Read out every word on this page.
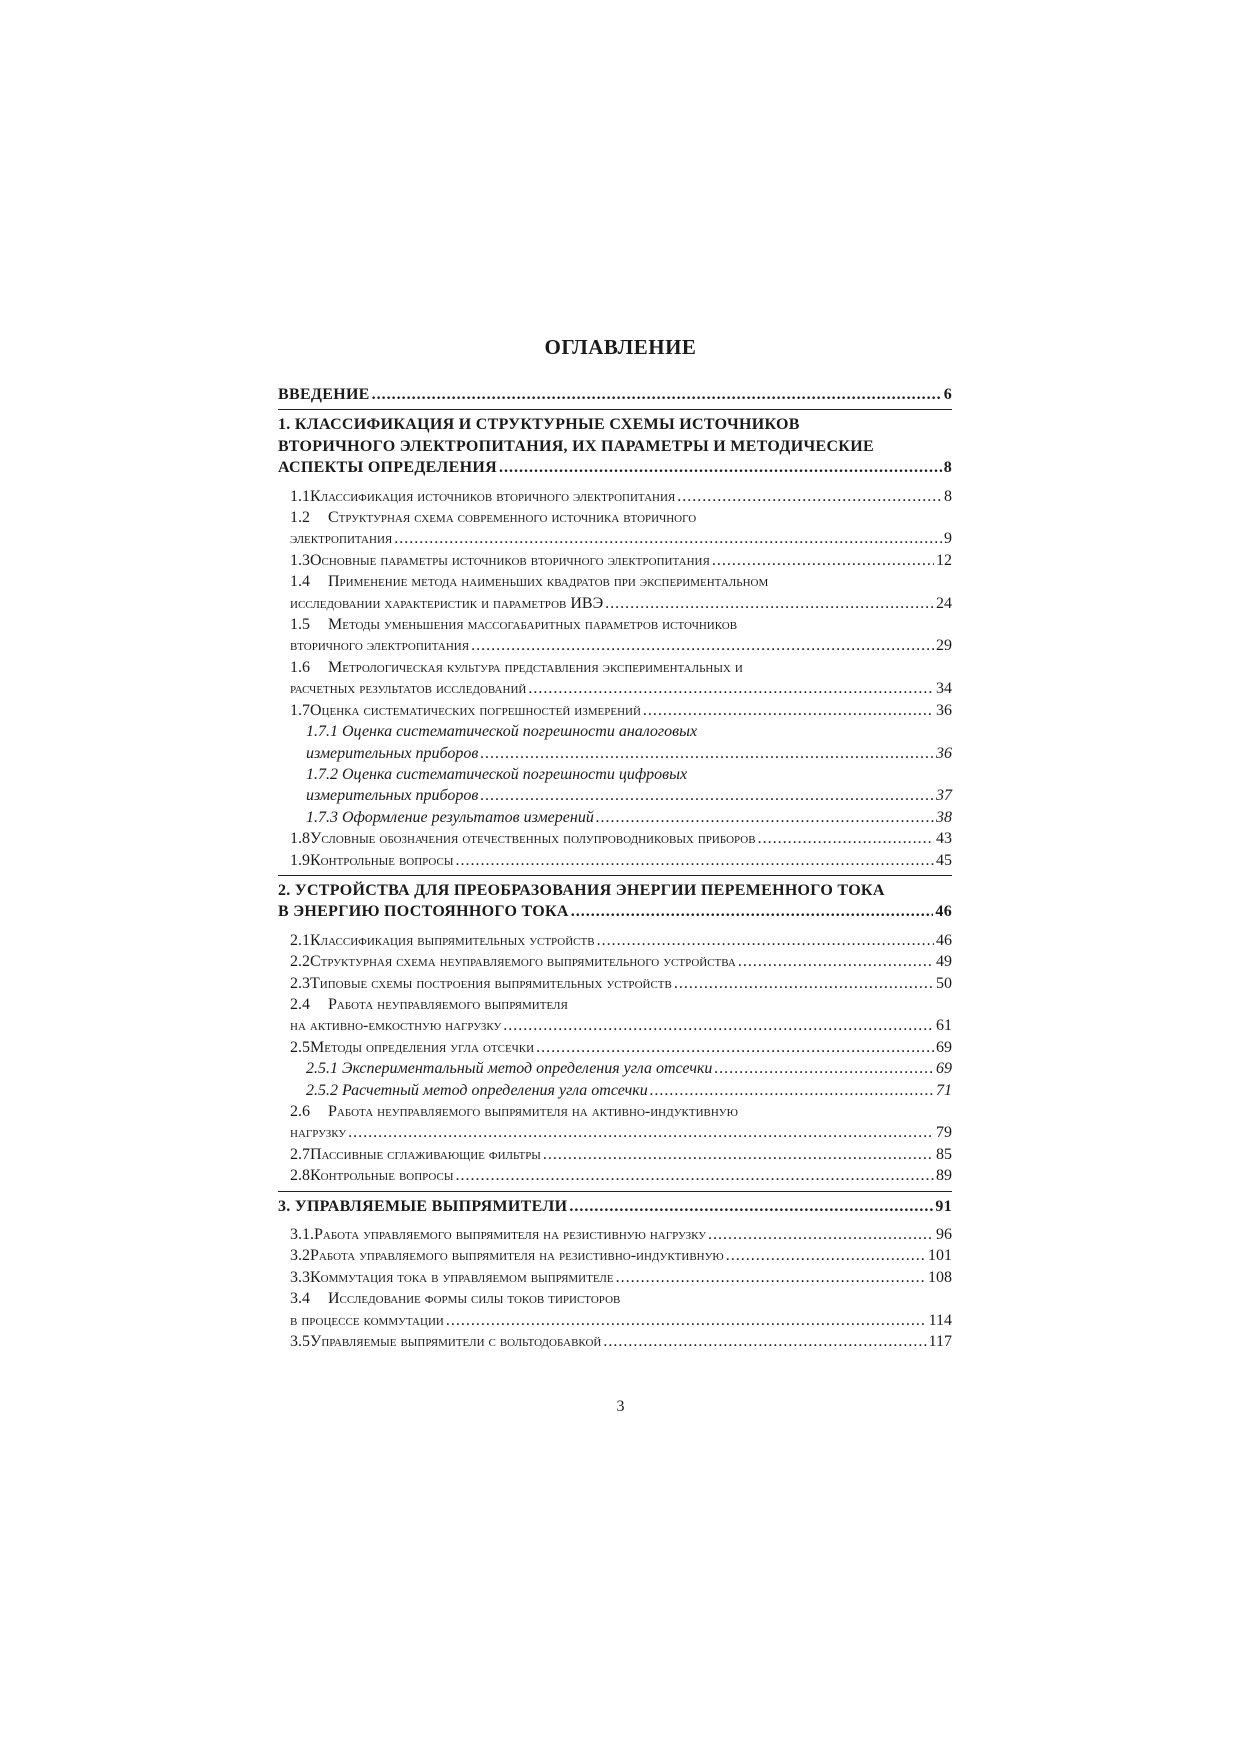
ОГЛАВЛЕНИЕ
ВВЕДЕНИЕ .....	6
1. КЛАССИФИКАЦИЯ И СТРУКТУРНЫЕ СХЕМЫ ИСТОЧНИКОВ
ВТОРИЧНОГО ЭЛЕКТРОПИТАНИЯ, ИХ ПАРАМЕТРЫ И МЕТОДИЧЕСКИЕ
АСПЕКТЫ ОПРЕДЕЛЕНИЯ .....	8
1.1 Классификация источников вторичного электропитания .....	8
1.2	Структурная схема современного источника вторичного
электропитания .....	9
1.3 Основные параметры источников вторичного электропитания .....	12
1.4	Применение метода наименьших квадратов при экспериментальном
исследовании характеристик и параметров ИВЭ .....	24
1.5	Методы уменьшения массогабаритных параметров источников
вторичного электропитания .....	29
1.6	Метрологическая культура представления экспериментальных и
расчетных результатов исследований .....	34
1.7 Оценка систематических погрешностей измерений .....	36
1.7.1 Оценка систематической погрешности аналоговых
измерительных приборов .....	36
1.7.2 Оценка систематической погрешности цифровых
измерительных приборов .....	37
1.7.3 Оформление результатов измерений .....	38
1.8 Условные обозначения отечественных полупроводниковых приборов .....	43
1.9 Контрольные вопросы .....	45
2. УСТРОЙСТВА ДЛЯ ПРЕОБРАЗОВАНИЯ ЭНЕРГИИ ПЕРЕМЕННОГО ТОКА
В ЭНЕРГИЮ ПОСТОЯННОГО ТОКА .....	46
2.1 Классификация выпрямительных устройств .....	46
2.2 Структурная схема неуправляемого выпрямительного устройства .....	49
2.3 Типовые схемы построения выпрямительных устройств .....	50
2.4	Работа неуправляемого выпрямителя
на активно-емкостную нагрузку .....	61
2.5 Методы определения угла отсечки .....	69
2.5.1 Экспериментальный метод определения угла отсечки .....	69
2.5.2 Расчетный метод определения угла отсечки .....	71
2.6	Работа неуправляемого выпрямителя на активно-индуктивную
нагрузку .....	79
2.7 Пассивные сглаживающие фильтры .....	85
2.8 Контрольные вопросы .....	89
3. УПРАВЛЯЕМЫЕ ВЫПРЯМИТЕЛИ .....	91
3.1. Работа управляемого выпрямителя на резистивную нагрузку .....	96
3.2 Работа управляемого выпрямителя на резистивно-индуктивную .....	101
3.3 Коммутация тока в управляемом выпрямителе .....	108
3.4	Исследование формы силы токов тиристоров
в процессе коммутации .....	114
3.5 Управляемые выпрямители с вольтодобавкой .....	117
3
